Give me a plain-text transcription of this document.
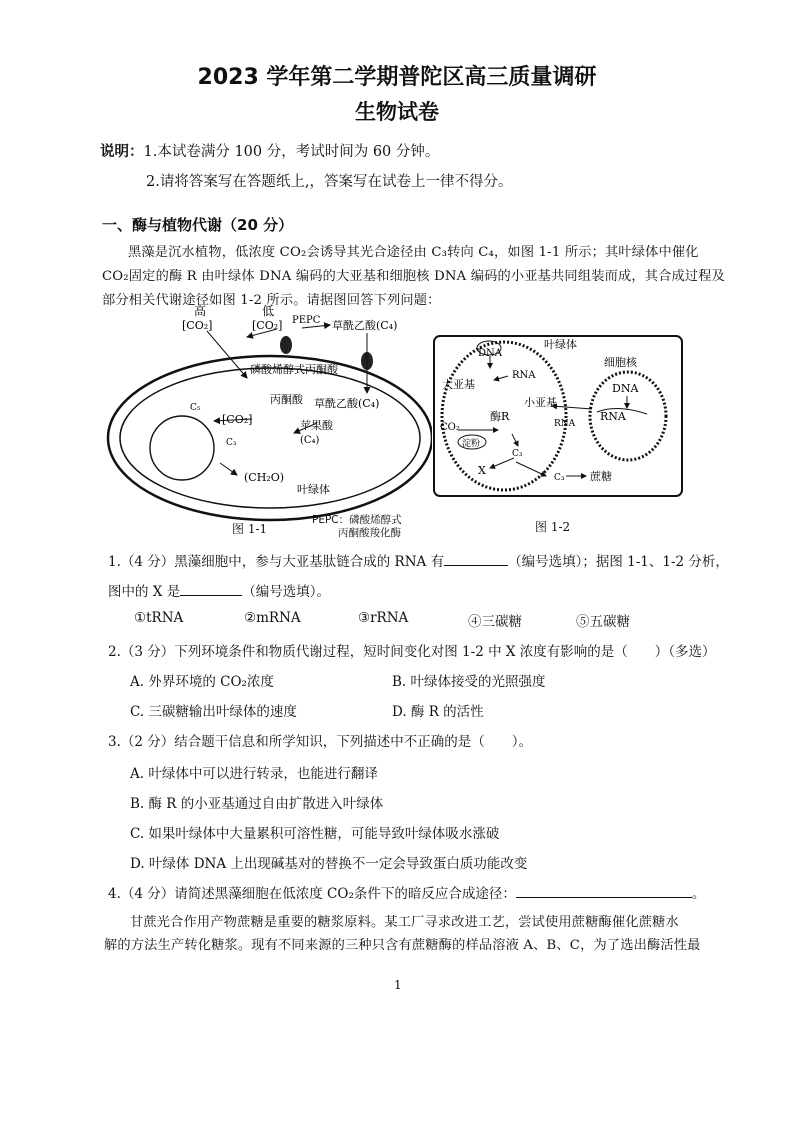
2023 学年第二学期普陀区高三质量调研
生物试卷
说明：1.本试卷满分 100 分，考试时间为 60 分钟。
2.请将答案写在答题纸上,，答案写在试卷上一律不得分。
一、酶与植物代谢（20 分）
黑藻是沉水植物，低浓度 CO₂会诱导其光合途径由 C₃转向 C₄，如图 1-1 所示；其叶绿体中催化
CO₂固定的酶 R 由叶绿体 DNA 编码的大亚基和细胞核 DNA 编码的小亚基共同组装而成，其合成过程及
部分相关代谢途径如图 1-2 所示。请据图回答下列问题：
高
[CO₂]
低
[CO₂] PEPC 草酰乙酸(C₄)
磷酸烯醇式丙酮酸
草酰乙酸(C₄)
丙酮酸
[CO₂]	苹果酸
(C₄)
C₅
C₃
(CH₂O)
叶绿体
图 1-1
PEPC：磷酸烯醇式
丙酮酸羧化酶
DNA
叶绿体
细胞核
RNA
大亚基
小亚基
酶R
CO₂
淀粉
C₃
X
C₃ 蔗糖
DNA
RNA
RNA
图 1-2
1.（4 分）黑藻细胞中，参与大亚基肽链合成的 RNA 有	（编号选填）；据图 1-1、1-2 分析，
图中的 X 是	（编号选填）。
①tRNA	②mRNA	③rRNA	④三碳糖	⑤五碳糖
2.（3 分）下列环境条件和物质代谢过程，短时间变化对图 1-2 中 X 浓度有影响的是（　　）（多选）
A. 外界环境的 CO₂浓度	B. 叶绿体接受的光照强度
C. 三碳糖输出叶绿体的速度	D. 酶 R 的活性
3.（2 分）结合题干信息和所学知识，下列描述中不正确的是（　　）。
A. 叶绿体中可以进行转录，也能进行翻译
B. 酶 R 的小亚基通过自由扩散进入叶绿体
C. 如果叶绿体中大量累积可溶性糖，可能导致叶绿体吸水涨破
D. 叶绿体 DNA 上出现碱基对的替换不一定会导致蛋白质功能改变
4.（4 分）请简述黑藻细胞在低浓度 CO₂条件下的暗反应合成途径：	。
甘蔗光合作用产物蔗糖是重要的糖浆原料。某工厂寻求改进工艺，尝试使用蔗糖酶催化蔗糖水
解的方法生产转化糖浆。现有不同来源的三种只含有蔗糖酶的样品溶液 A、B、C，为了选出酶活性最
1
